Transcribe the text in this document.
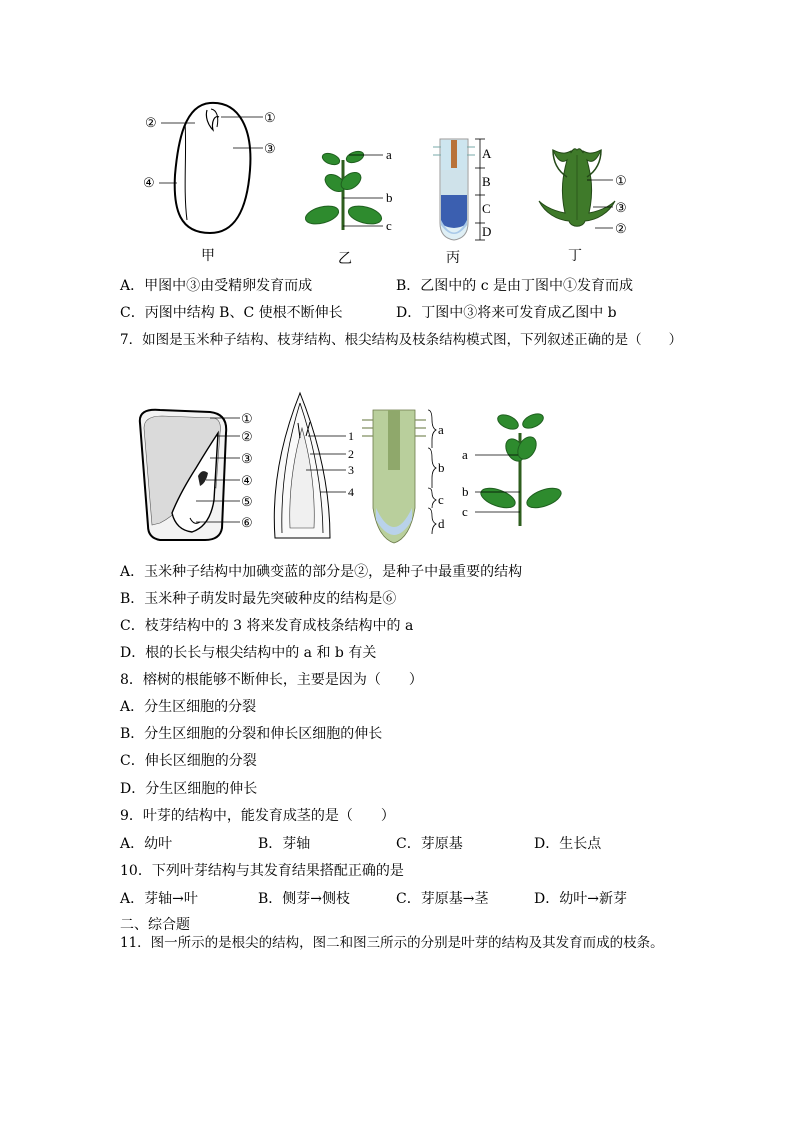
②	①
③
④
甲
a
b
c
乙
A
B
C
D
丙
①
③
②
丁
A．甲图中③由受精卵发育而成	B．乙图中的 c 是由丁图中①发育而成
C．丙图中结构 B、C 使根不断伸长	D．丁图中③将来可发育成乙图中 b
7．如图是玉米种子结构、枝芽结构、根尖结构及枝条结构模式图，下列叙述正确的是（　　）
①
②
③
④
⑤
⑥
1
2
3
4
a
b
c
d
a
b
c
A．玉米种子结构中加碘变蓝的部分是②，是种子中最重要的结构
B．玉米种子萌发时最先突破种皮的结构是⑥
C．枝芽结构中的 3 将来发育成枝条结构中的 a
D．根的长长与根尖结构中的 a 和 b 有关
8．榕树的根能够不断伸长，主要是因为（　　）
A．分生区细胞的分裂
B．分生区细胞的分裂和伸长区细胞的伸长
C．伸长区细胞的分裂
D．分生区细胞的伸长
9．叶芽的结构中，能发育成茎的是（　　）
A．幼叶	B．芽轴	C．芽原基	D．生长点
10．下列叶芽结构与其发育结果搭配正确的是
A．芽轴→叶	B．侧芽→侧枝	C．芽原基→茎	D．幼叶→新芽
二、综合题
11．图一所示的是根尖的结构，图二和图三所示的分别是叶芽的结构及其发育而成的枝条。
